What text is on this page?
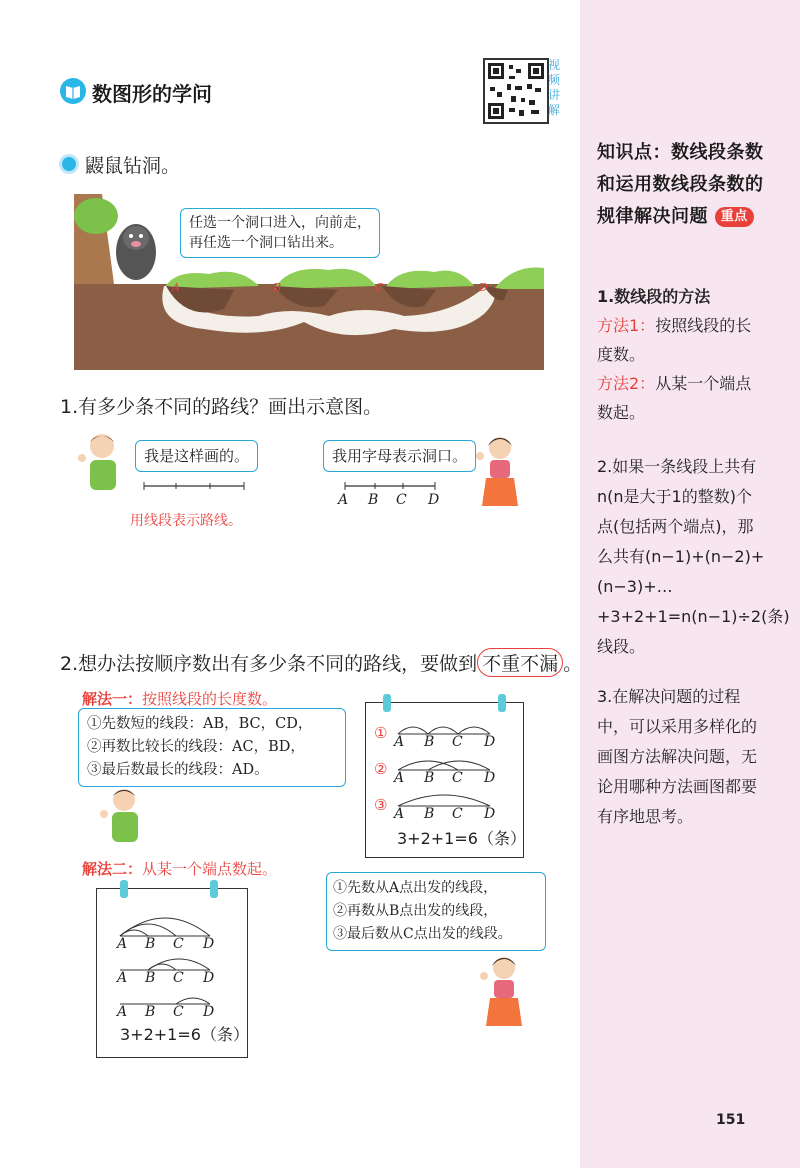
数图形的学问
视频讲解
鼹鼠钻洞。
A	B	C	D
任选一个洞口进入，向前走，
再任选一个洞口钻出来。
1.有多少条不同的路线？画出示意图。
我是这样画的。
用线段表示路线。
我用字母表示洞口。
A B C D
2.想办法按顺序数出有多少条不同的路线，要做到 不重不漏 。
解法一：按照线段的长度数。
①先数短的线段：AB，BC，CD，
②再数比较长的线段：AC，BD，
③最后数最长的线段：AD。
①
②
③
A B C D
A B C D
A B C D
3+2+1=6（条）
解法二：从某一个端点数起。
A B C D
A B C D
A B C D
3+2+1=6（条）
①先数从A点出发的线段，
②再数从B点出发的线段，
③最后数从C点出发的线段。
知识点：数线段条数和运用数线段条数的规律解决问题 重点
1.数线段的方法
方法1：按照线段的长度数。
方法2：从某一个端点数起。
2.如果一条线段上共有n(n是大于1的整数)个点(包括两个端点)，那么共有(n−1)+(n−2)+(n−3)+…+3+2+1=n(n−1)÷2(条)线段。
3.在解决问题的过程中，可以采用多样化的画图方法解决问题，无论用哪种方法画图都要有序地思考。
151
